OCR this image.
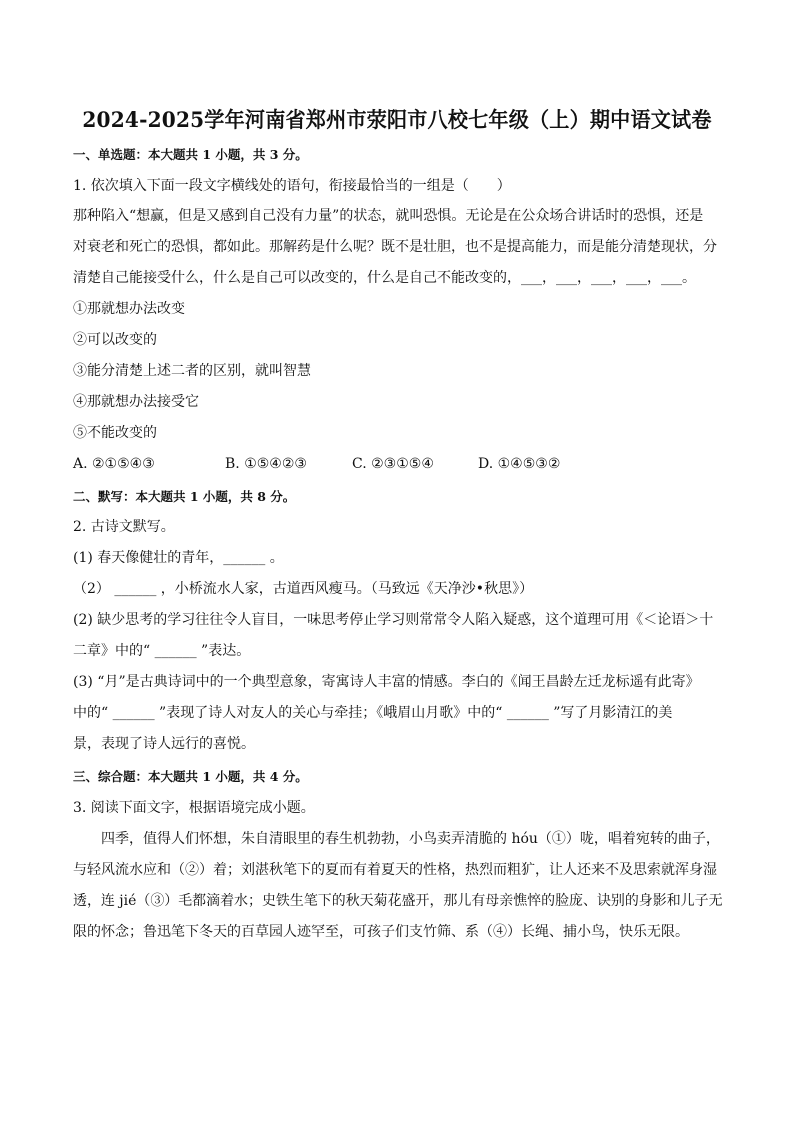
2024-2025学年河南省郑州市荥阳市八校七年级（上）期中语文试卷
一、单选题：本大题共 1 小题，共 3 分。
1. 依次填入下面一段文字横线处的语句，衔接最恰当的一组是（　　）
那种陷入“想赢，但是又感到自己没有力量”的状态，就叫恐惧。无论是在公众场合讲话时的恐惧，还是
对衰老和死亡的恐惧，都如此。那解药是什么呢？既不是壮胆，也不是提高能力，而是能分清楚现状，分
清楚自己能接受什么，什么是自己可以改变的，什么是自己不能改变的，___，___，___，___，___。
①那就想办法改变
②可以改变的
③能分清楚上述二者的区别，就叫智慧
④那就想办法接受它
⑤不能改变的
A. ②①⑤④③	B. ①⑤④②③	C. ②③①⑤④	D. ①④⑤③②
二、默写：本大题共 1 小题，共 8 分。
2. 古诗文默写。
(1) 春天像健壮的青年，______ 。
（2） ______ ，小桥流水人家，古道西风瘦马。（马致远《天净沙•秋思》）
(2) 缺少思考的学习往往令人盲目，一味思考停止学习则常常令人陷入疑惑，这个道理可用《＜论语＞十
二章》中的“ ______ ”表达。
(3) “月”是古典诗词中的一个典型意象，寄寓诗人丰富的情感。李白的《闻王昌龄左迁龙标遥有此寄》
中的“ ______ ”表现了诗人对友人的关心与牵挂；《峨眉山月歌》中的“ ______ ”写了月影清江的美
景，表现了诗人远行的喜悦。
三、综合题：本大题共 1 小题，共 4 分。
3. 阅读下面文字，根据语境完成小题。
　　四季，值得人们怀想，朱自清眼里的春生机勃勃，小鸟卖弄清脆的 hóu（①）咙，唱着宛转的曲子，
与轻风流水应和（②）着；刘湛秋笔下的夏而有着夏天的性格，热烈而粗犷，让人还来不及思索就浑身湿
透，连 jié（③）毛都滴着水；史铁生笔下的秋天菊花盛开，那儿有母亲憔悴的脸庞、诀别的身影和儿子无
限的怀念；鲁迅笔下冬天的百草园人迹罕至，可孩子们支竹筛、系（④）长绳、捕小鸟，快乐无限。
